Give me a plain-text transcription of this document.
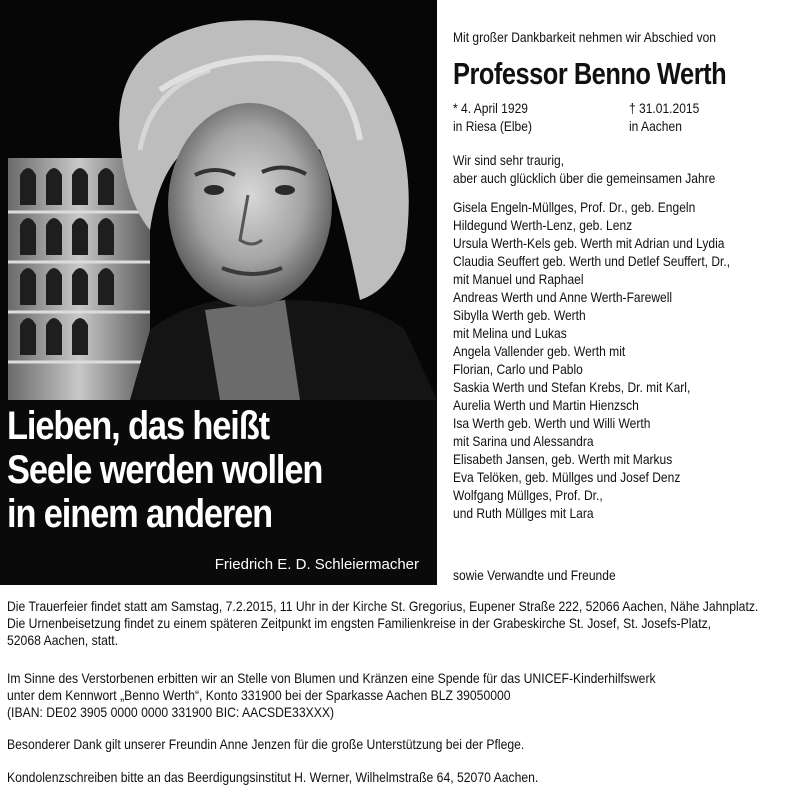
Lieben, das heißt
Seele werden wollen
in einem anderen
Friedrich E. D. Schleiermacher
Mit großer Dankbarkeit nehmen wir Abschied von
Professor Benno Werth
* 4. April 1929
in Riesa (Elbe)
† 31.01.2015
in Aachen
Wir sind sehr traurig,
aber auch glücklich über die gemeinsamen Jahre
Gisela Engeln-Müllges, Prof. Dr., geb. Engeln
Hildegund Werth-Lenz, geb. Lenz
Ursula Werth-Kels geb. Werth mit Adrian und Lydia
Claudia Seuffert geb. Werth und Detlef Seuffert, Dr.,
mit Manuel und Raphael
Andreas Werth und Anne Werth-Farewell
Sibylla Werth geb. Werth
mit Melina und Lukas
Angela Vallender geb. Werth mit
Florian, Carlo und Pablo
Saskia Werth und Stefan Krebs, Dr. mit Karl,
Aurelia Werth und Martin Hienzsch
Isa Werth geb. Werth und Willi Werth
mit Sarina und Alessandra
Elisabeth Jansen, geb. Werth mit Markus
Eva Telöken, geb. Müllges und Josef Denz
Wolfgang Müllges, Prof. Dr.,
und Ruth Müllges mit Lara
sowie Verwandte und Freunde
Die Trauerfeier findet statt am Samstag, 7.2.2015, 11 Uhr in der Kirche St. Gregorius, Eupener Straße 222, 52066 Aachen, Nähe Jahnplatz.
Die Urnenbeisetzung findet zu einem späteren Zeitpunkt im engsten Familienkreise in der Grabeskirche St. Josef, St. Josefs-Platz,
52068 Aachen, statt.
Im Sinne des Verstorbenen erbitten wir an Stelle von Blumen und Kränzen eine Spende für das UNICEF-Kinderhilfswerk
unter dem Kennwort „Benno Werth“, Konto 331900 bei der Sparkasse Aachen BLZ 39050000
(IBAN: DE02 3905 0000 0000 331900 BIC: AACSDE33XXX)
Besonderer Dank gilt unserer Freundin Anne Jenzen für die große Unterstützung bei der Pflege.
Kondolenzschreiben bitte an das Beerdigungsinstitut H. Werner, Wilhelmstraße 64, 52070 Aachen.
